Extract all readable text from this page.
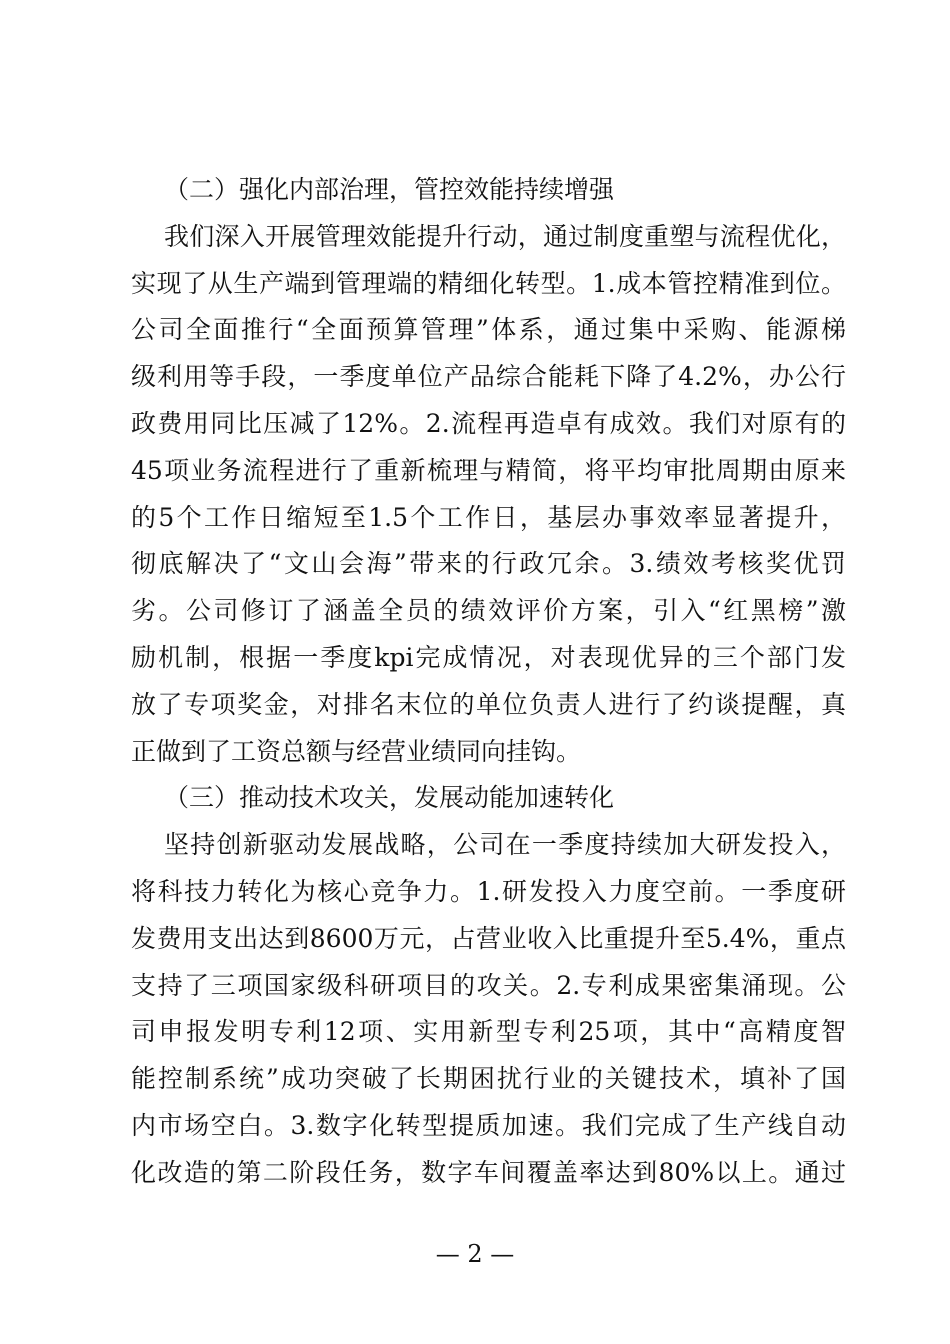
（二）强化内部治理，管控效能持续增强
我们深入开展管理效能提升行动，通过制度重塑与流程优化，
实现了从生产端到管理端的精细化转型。1.成本管控精准到位。
公司全面推行“全面预算管理”体系，通过集中采购、能源梯
级利用等手段，一季度单位产品综合能耗下降了4.2%，办公行
政费用同比压减了12%。2.流程再造卓有成效。我们对原有的
45项业务流程进行了重新梳理与精简，将平均审批周期由原来
的5个工作日缩短至1.5个工作日，基层办事效率显著提升，
彻底解决了“文山会海”带来的行政冗余。3.绩效考核奖优罚
劣。公司修订了涵盖全员的绩效评价方案，引入“红黑榜”激
励机制，根据一季度kpi完成情况，对表现优异的三个部门发
放了专项奖金，对排名末位的单位负责人进行了约谈提醒，真
正做到了工资总额与经营业绩同向挂钩。
（三）推动技术攻关，发展动能加速转化
坚持创新驱动发展战略，公司在一季度持续加大研发投入，
将科技力转化为核心竞争力。1.研发投入力度空前。一季度研
发费用支出达到8600万元，占营业收入比重提升至5.4%，重点
支持了三项国家级科研项目的攻关。2.专利成果密集涌现。公
司申报发明专利12项、实用新型专利25项，其中“高精度智
能控制系统”成功突破了长期困扰行业的关键技术，填补了国
内市场空白。3.数字化转型提质加速。我们完成了生产线自动
化改造的第二阶段任务，数字车间覆盖率达到80%以上。通过
— 2 —
